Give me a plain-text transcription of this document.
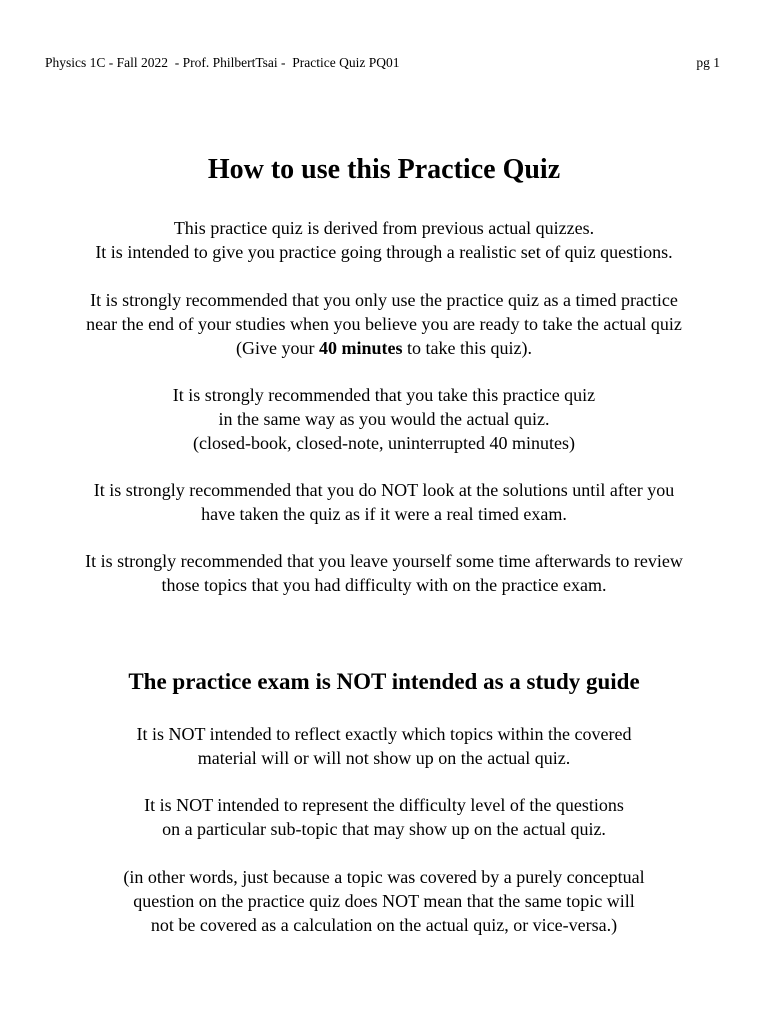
Physics 1C - Fall 2022  - Prof. PhilbertTsai -  Practice Quiz PQ01	pg 1
How to use this Practice Quiz
This practice quiz is derived from previous actual quizzes.
It is intended to give you practice going through a realistic set of quiz questions.
It is strongly recommended that you only use the practice quiz as a timed practice
near the end of your studies when you believe you are ready to take the actual quiz
(Give your 40 minutes to take this quiz).
It is strongly recommended that you take this practice quiz
in the same way as you would the actual quiz.
(closed-book, closed-note, uninterrupted 40 minutes)
It is strongly recommended that you do NOT look at the solutions until after you
have taken the quiz as if it were a real timed exam.
It is strongly recommended that you leave yourself some time afterwards to review
those topics that you had difficulty with on the practice exam.
The practice exam is NOT intended as a study guide
It is NOT intended to reflect exactly which topics within the covered
material will or will not show up on the actual quiz.
It is NOT intended to represent the difficulty level of the questions
on a particular sub-topic that may show up on the actual quiz.
(in other words, just because a topic was covered by a purely conceptual
question on the practice quiz does NOT mean that the same topic will
not be covered as a calculation on the actual quiz, or vice-versa.)
